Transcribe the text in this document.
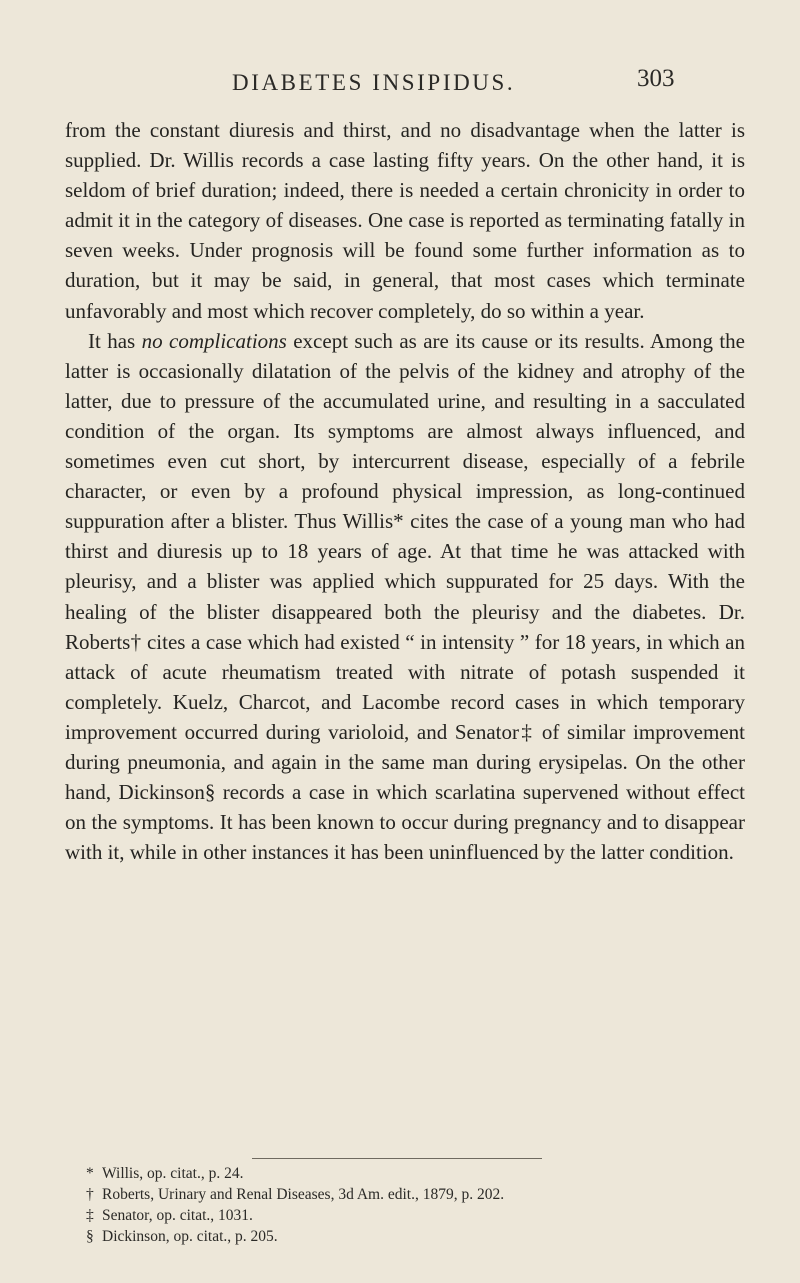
DIABETES INSIPIDUS.	303

from the constant diuresis and thirst, and no disadvantage when the latter is supplied. Dr. Willis records a case lasting fifty years. On the other hand, it is seldom of brief duration; indeed, there is needed a certain chronicity in order to admit it in the category of diseases. One case is reported as terminating fatally in seven weeks. Under prognosis will be found some further information as to duration, but it may be said, in general, that most cases which terminate unfavorably and most which recover completely, do so within a year.

It has no complications except such as are its cause or its results. Among the latter is occasionally dilatation of the pelvis of the kidney and atrophy of the latter, due to pressure of the accumulated urine, and resulting in a sacculated condition of the organ. Its symptoms are almost always influenced, and sometimes even cut short, by intercurrent disease, especially of a febrile character, or even by a profound physical impression, as long-continued suppuration after a blister. Thus Willis* cites the case of a young man who had thirst and diuresis up to 18 years of age. At that time he was attacked with pleurisy, and a blister was applied which suppurated for 25 days. With the healing of the blister disappeared both the pleurisy and the diabetes. Dr. Roberts† cites a case which had existed “ in intensity ” for 18 years, in which an attack of acute rheumatism treated with nitrate of potash suspended it completely. Kuelz, Charcot, and Lacombe record cases in which temporary improvement occurred during varioloid, and Senator‡ of similar improvement during pneumonia, and again in the same man during erysipelas. On the other hand, Dickinson§ records a case in which scarlatina supervened without effect on the symptoms. It has been known to occur during pregnancy and to disappear with it, while in other instances it has been uninfluenced by the latter condition.

* Willis, op. citat., p. 24.
† Roberts, Urinary and Renal Diseases, 3d Am. edit., 1879, p. 202.
‡ Senator, op. citat., 1031.
§ Dickinson, op. citat., p. 205.
